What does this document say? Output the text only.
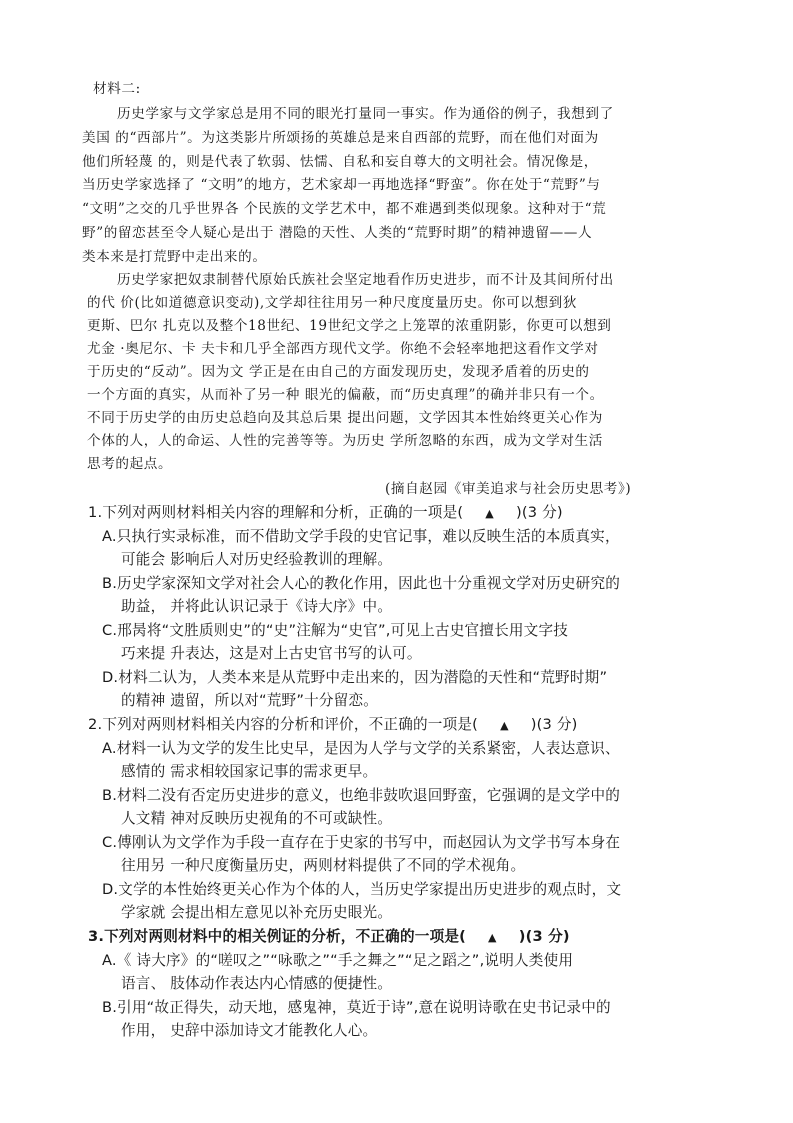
材料二:
历史学家与文学家总是用不同的眼光打量同一事实。作为通俗的例子，我想到了
美国 的“西部片”。为这类影片所颂扬的英雄总是来自西部的荒野，而在他们对面为
他们所轻蔑 的，则是代表了软弱、怯懦、自私和妄自尊大的文明社会。情况像是，
当历史学家选择了 “文明”的地方，艺术家却一再地选择“野蛮”。你在处于“荒野”与
“文明”之交的几乎世界各 个民族的文学艺术中，都不难遇到类似现象。这种对于“荒
野”的留恋甚至令人疑心是出于 潜隐的天性、人类的“荒野时期”的精神遗留——人
类本来是打荒野中走出来的。
历史学家把奴隶制替代原始氏族社会坚定地看作历史进步，而不计及其间所付出
的代 价(比如道德意识变动),文学却往往用另一种尺度度量历史。你可以想到狄
更斯、巴尔 扎克以及整个18世纪、19世纪文学之上笼罩的浓重阴影，你更可以想到
尤金 ·奥尼尔、卡 夫卡和几乎全部西方现代文学。你绝不会轻率地把这看作文学对
于历史的“反动”。因为文 学正是在由自己的方面发现历史，发现矛盾着的历史的
一个方面的真实，从而补了另一种 眼光的偏蔽，而“历史真理”的确并非只有一个。
不同于历史学的由历史总趋向及其总后果 提出问题，文学因其本性始终更关心作为
个体的人，人的命运、人性的完善等等。为历史 学所忽略的东西，成为文学对生活
思考的起点。
(摘自赵园《审美追求与社会历史思考》)
1.下列对两则材料相关内容的理解和分析，正确的一项是( ▲ )(3 分)
A.只执行实录标准，而不借助文学手段的史官记事，难以反映生活的本质真实，
可能会 影响后人对历史经验教训的理解。
B.历史学家深知文学对社会人心的教化作用，因此也十分重视文学对历史研究的
助益， 并将此认识记录于《诗大序》中。
C.邢昺将“文胜质则史”的“史”注解为“史官”,可见上古史官擅长用文字技
巧来提 升表达，这是对上古史官书写的认可。
D.材料二认为，人类本来是从荒野中走出来的，因为潜隐的天性和“荒野时期”
的精神 遗留，所以对“荒野”十分留恋。
2.下列对两则材料相关内容的分析和评价，不正确的一项是( ▲ )(3 分)
A.材料一认为文学的发生比史早，是因为人学与文学的关系紧密，人表达意识、
感情的 需求相较国家记事的需求更早。
B.材料二没有否定历史进步的意义，也绝非鼓吹退回野蛮，它强调的是文学中的
人文精 神对反映历史视角的不可或缺性。
C.傅刚认为文学作为手段一直存在于史家的书写中，而赵园认为文学书写本身在
往用另 一种尺度衡量历史，两则材料提供了不同的学术视角。
D.文学的本性始终更关心作为个体的人，当历史学家提出历史进步的观点时，文
学家就 会提出相左意见以补充历史眼光。
3.下列对两则材料中的相关例证的分析，不正确的一项是( ▲ )(3 分)
A.《 诗大序》的“嗟叹之”“咏歌之”“手之舞之”“足之蹈之”,说明人类使用
语言、 肢体动作表达内心情感的便捷性。
B.引用“故正得失，动天地，感鬼神，莫近于诗”,意在说明诗歌在史书记录中的
作用， 史辞中添加诗文才能教化人心。
